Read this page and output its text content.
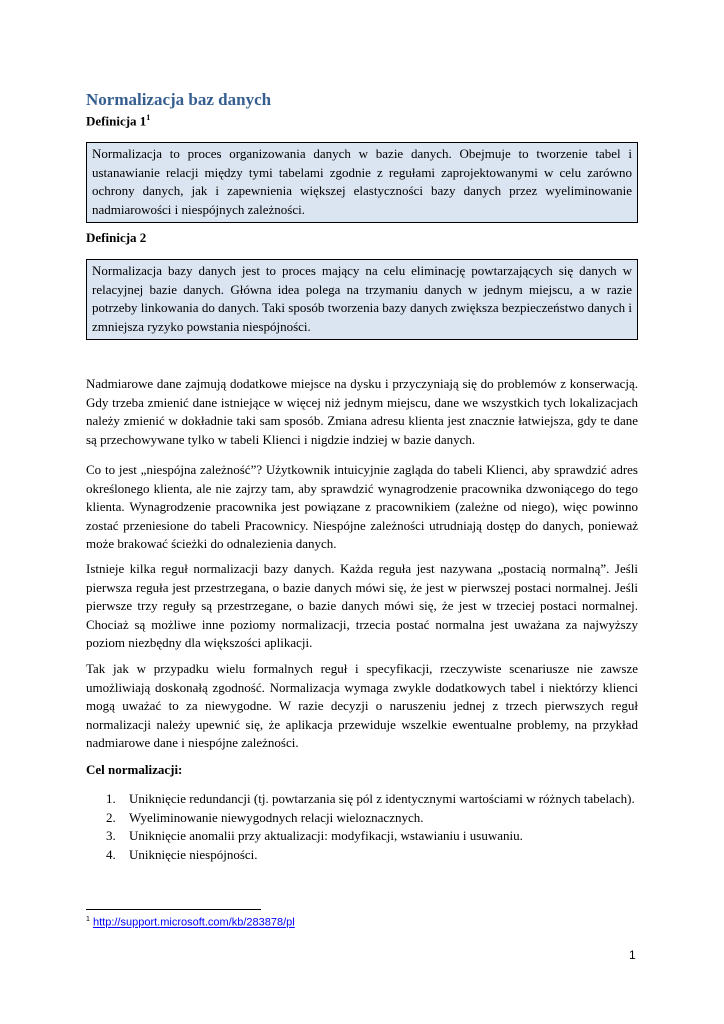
Normalizacja baz danych
Definicja $1^1$
Normalizacja to proces organizowania danych w bazie danych. Obejmuje to tworzenie tabel i ustanawianie relacji między tymi tabelami zgodnie z regułami zaprojektowanymi w celu zarówno ochrony danych, jak i zapewnienia większej elastyczności bazy danych przez wyeliminowanie nadmiarowości i niespójnych zależności.
Definicja 2
Normalizacja bazy danych jest to proces mający na celu eliminację powtarzających się danych w relacyjnej bazie danych. Główna idea polega na trzymaniu danych w jednym miejscu, a w razie potrzeby linkowania do danych. Taki sposób tworzenia bazy danych zwiększa bezpieczeństwo danych i zmniejsza ryzyko powstania niespójności.

Nadmiarowe dane zajmują dodatkowe miejsce na dysku i przyczyniają się do problemów z konserwacją. Gdy trzeba zmienić dane istniejące w więcej niż jednym miejscu, dane we wszystkich tych lokalizacjach należy zmienić w dokładnie taki sam sposób. Zmiana adresu klienta jest znacznie łatwiejsza, gdy te dane są przechowywane tylko w tabeli Klienci i nigdzie indziej w bazie danych.

Co to jest „niespójna zależność”? Użytkownik intuicyjnie zagląda do tabeli Klienci, aby sprawdzić adres określonego klienta, ale nie zajrzy tam, aby sprawdzić wynagrodzenie pracownika dzwoniącego do tego klienta. Wynagrodzenie pracownika jest powiązane z pracownikiem (zależne od niego), więc powinno zostać przeniesione do tabeli Pracownicy. Niespójne zależności utrudniają dostęp do danych, ponieważ może brakować ścieżki do odnalezienia danych.

Istnieje kilka reguł normalizacji bazy danych. Każda reguła jest nazywana „postacią normalną”. Jeśli pierwsza reguła jest przestrzegana, o bazie danych mówi się, że jest w pierwszej postaci normalnej. Jeśli pierwsze trzy reguły są przestrzegane, o bazie danych mówi się, że jest w trzeciej postaci normalnej. Chociaż są możliwe inne poziomy normalizacji, trzecia postać normalna jest uważana za najwyższy poziom niezbędny dla większości aplikacji.

Tak jak w przypadku wielu formalnych reguł i specyfikacji, rzeczywiste scenariusze nie zawsze umożliwiają doskonałą zgodność. Normalizacja wymaga zwykle dodatkowych tabel i niektórzy klienci mogą uważać to za niewygodne. W razie decyzji o naruszeniu jednej z trzech pierwszych reguł normalizacji należy upewnić się, że aplikacja przewiduje wszelkie ewentualne problemy, na przykład nadmiarowe dane i niespójne zależności.

Cel normalizacji:
1. Uniknięcie redundancji (tj. powtarzania się pól z identycznymi wartościami w różnych tabelach).
2. Wyeliminowanie niewygodnych relacji wieloznacznych.
3. Uniknięcie anomalii przy aktualizacji: modyfikacji, wstawianiu i usuwaniu.
4. Uniknięcie niespójności.
$^1$ http://support.microsoft.com/kb/283878/pl
1
